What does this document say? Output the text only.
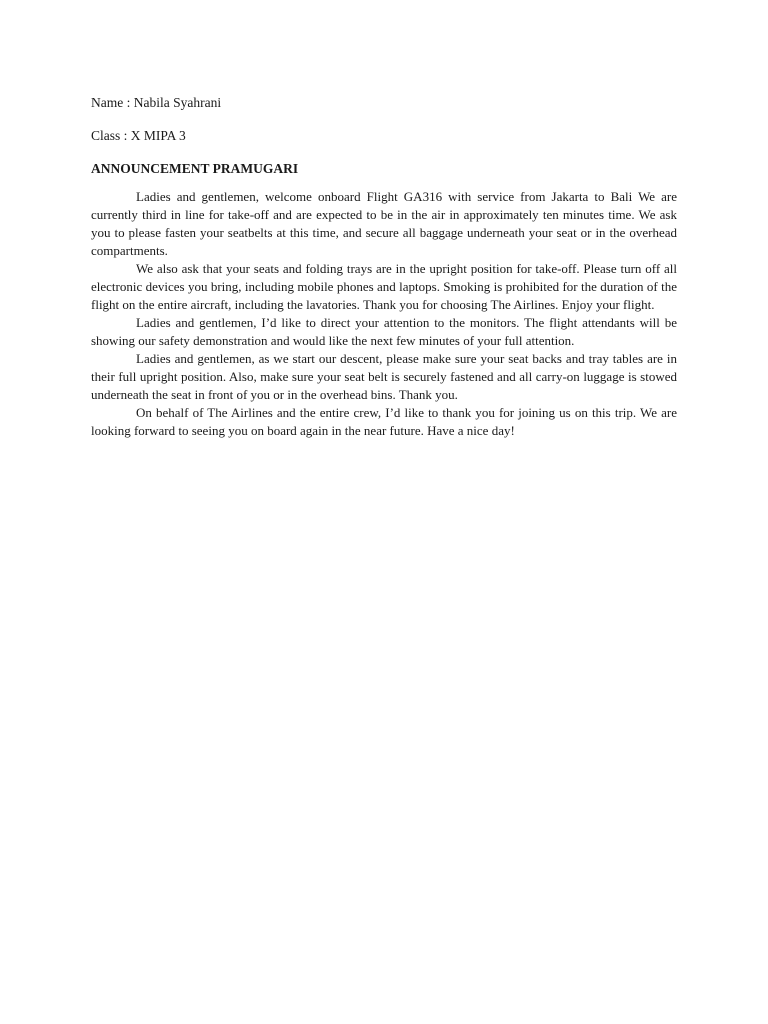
Name : Nabila Syahrani

Class : X MIPA 3

ANNOUNCEMENT PRAMUGARI

Ladies and gentlemen, welcome onboard Flight GA316 with service from Jakarta to Bali We are currently third in line for take-off and are expected to be in the air in approximately ten minutes time. We ask you to please fasten your seatbelts at this time, and secure all baggage underneath your seat or in the overhead compartments.

We also ask that your seats and folding trays are in the upright position for take-off. Please turn off all electronic devices you bring, including mobile phones and laptops. Smoking is prohibited for the duration of the flight on the entire aircraft, including the lavatories. Thank you for choosing The Airlines. Enjoy your flight.

Ladies and gentlemen, I’d like to direct your attention to the monitors. The flight attendants will be showing our safety demonstration and would like the next few minutes of your full attention.

Ladies and gentlemen, as we start our descent, please make sure your seat backs and tray tables are in their full upright position. Also, make sure your seat belt is securely fastened and all carry-on luggage is stowed underneath the seat in front of you or in the overhead bins. Thank you.

On behalf of The Airlines and the entire crew, I’d like to thank you for joining us on this trip. We are looking forward to seeing you on board again in the near future. Have a nice day!
